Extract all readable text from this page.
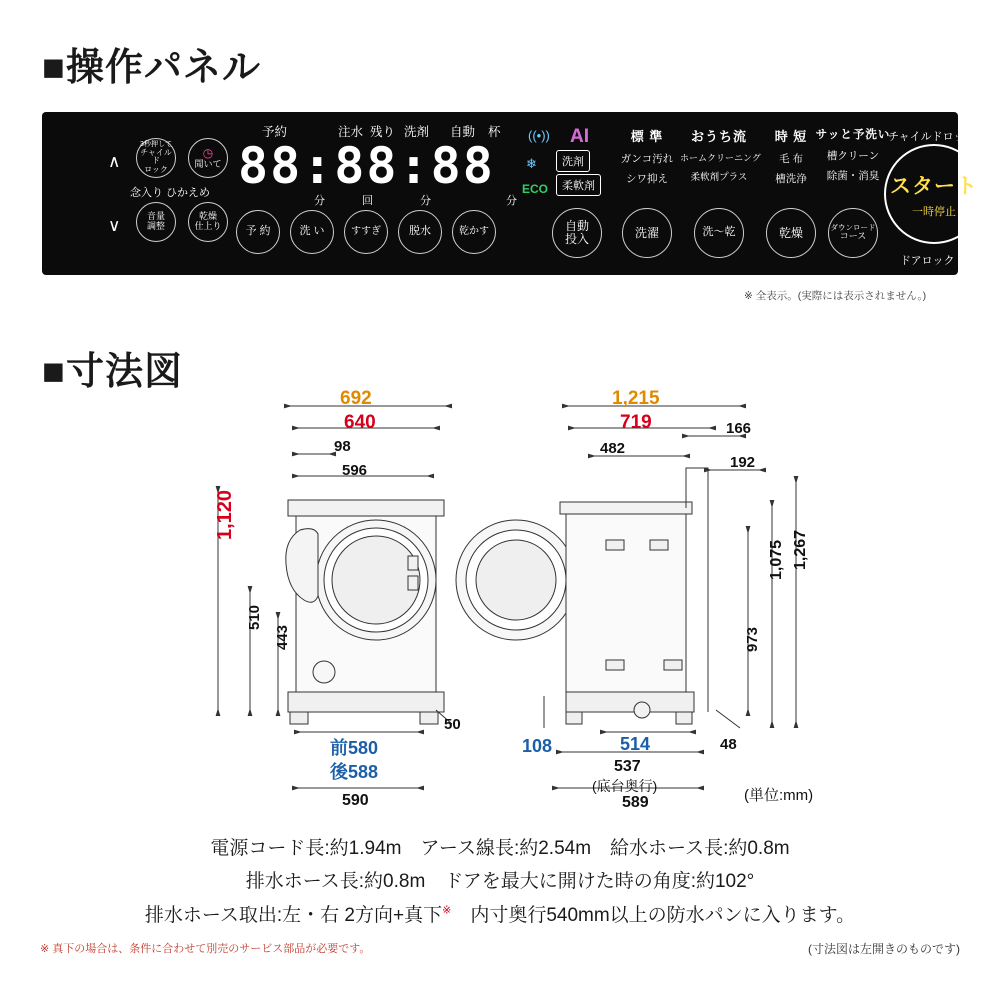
■操作パネル
∧
∨
3秒押して
チャイルド
ロック
◷
聞いて
念入り ひかえめ
音量
調整
乾燥
仕上り
予約	注水 残り 洗剤 自動 杯
88:88:88
分	回	分	分
予 約	洗 い	すすぎ	脱水	乾かす
((•)) AI
❄
ECO
洗剤
柔軟剤
自動
投入
標 準
ガンコ汚れ
シワ抑え
洗濯
おうち流
ホームクリーニング
柔軟剤プラス
洗〜乾
時 短
毛 布
槽洗浄
乾燥
サッと予洗い
槽クリーン
除菌・消臭
ダウンロード
コース
チャイルドロック
スタート
一時停止
ドアロック
※ 全表示。(実際には表示されません。)
■寸法図
692
640
98
596
1,120
510
443
50
前580
後588
590
1,215
719
482
166
192
1,267
1,075
973
108	514
537
(底台奥行)
589
48
(単位:mm)
電源コード長:約1.94m　アース線長:約2.54m　給水ホース長:約0.8m
排水ホース長:約0.8m　ドアを最大に開けた時の角度:約102°
排水ホース取出:左・右 2方向+真下※　内寸奥行540mm以上の防水パンに入ります。
※ 真下の場合は、条件に合わせて別売のサービス部品が必要です。	(寸法図は左開きのものです)
